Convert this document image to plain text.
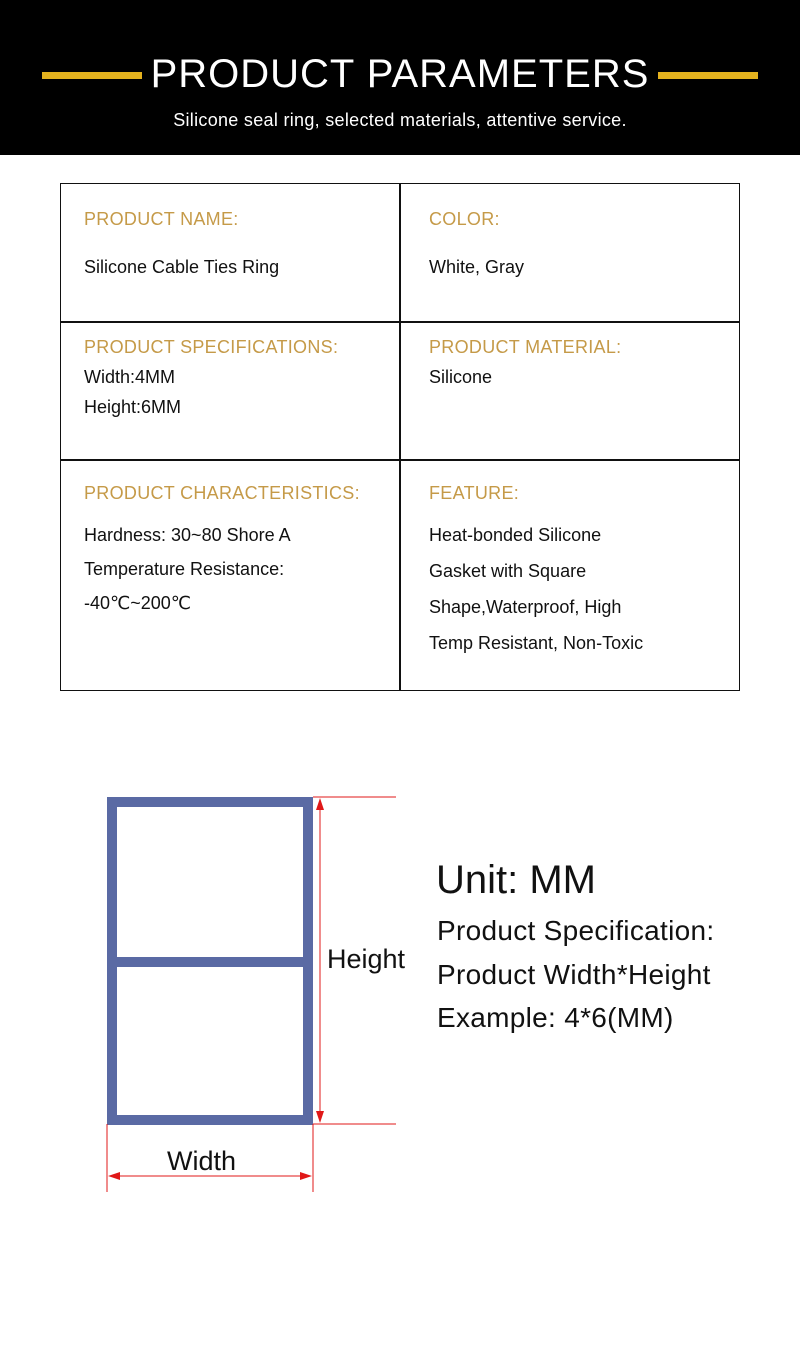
PRODUCT PARAMETERS
Silicone seal ring, selected materials, attentive service.
PRODUCT NAME:
Silicone Cable Ties Ring
COLOR:
White, Gray
PRODUCT SPECIFICATIONS:
Width:4MM
Height:6MM
PRODUCT MATERIAL:
Silicone
PRODUCT CHARACTERISTICS:
Hardness: 30~80 Shore A
Temperature Resistance:
-40℃~200℃
FEATURE:
Heat-bonded Silicone
Gasket with Square
Shape,Waterproof, High
Temp Resistant, Non-Toxic
Height
Width
Unit: MM
Product Specification:
Product Width*Height
Example: 4*6(MM)
